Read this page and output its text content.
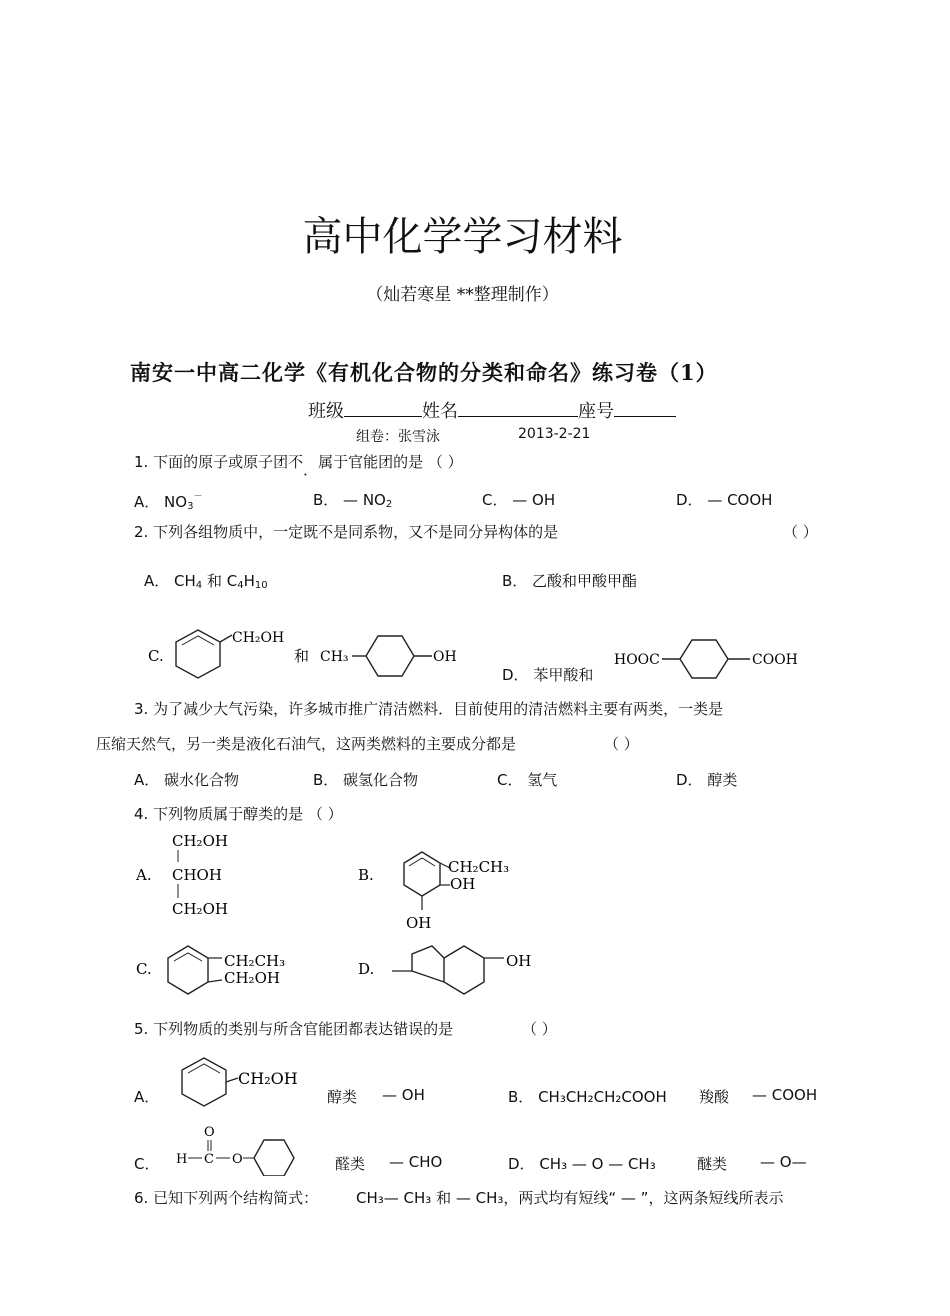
高中化学学习材料
（灿若寒星 **整理制作）
南安一中高二化学《有机化合物的分类和命名》练习卷（1）
班级	姓名	座号
组卷：张雪泳	2013-2-21
1. 下面的原子或原子团不．属于官能团的是 （ ）
A． $NO_3^-$	B． — $NO_2$	C． — OH	D． — COOH
2. 下列各组物质中，一定既不是同系物，又不是同分异构体的是	（ ）
A． $CH_4$ 和 $C_4H_{10}$	B． 乙酸和甲酸甲酯
C.
CH₂OH
和 CH₃	OH
D． 苯甲酸和
HOOC	COOH
3. 为了减少大气污染，许多城市推广清洁燃料．目前使用的清洁燃料主要有两类，一类是
压缩天然气，另一类是液化石油气，这两类燃料的主要成分都是	（ ）
A． 碳水化合物	B． 碳氢化合物	C． 氢气	D． 醇类
4. 下列物质属于醇类的是 （ ）
A.
CH₂OH
CHOH
CH₂OH
B.	CH₂CH₃
OH
OH
C.	CH₂CH₃
CH₂OH	D.	OH
5. 下列物质的类别与所含官能团都表达错误的是	（ ）
A．
CH₂OH
醇类 — OH	B． CH₃CH₂CH₂COOH 羧酸 — COOH
C． H C
O
O	醛类 — CHO	D． CH₃ — O — CH₃	醚类 — O—
6. 已知下列两个结构简式：	CH₃— CH₃ 和 — CH₃，两式均有短线“ — ”，这两条短线所表示
